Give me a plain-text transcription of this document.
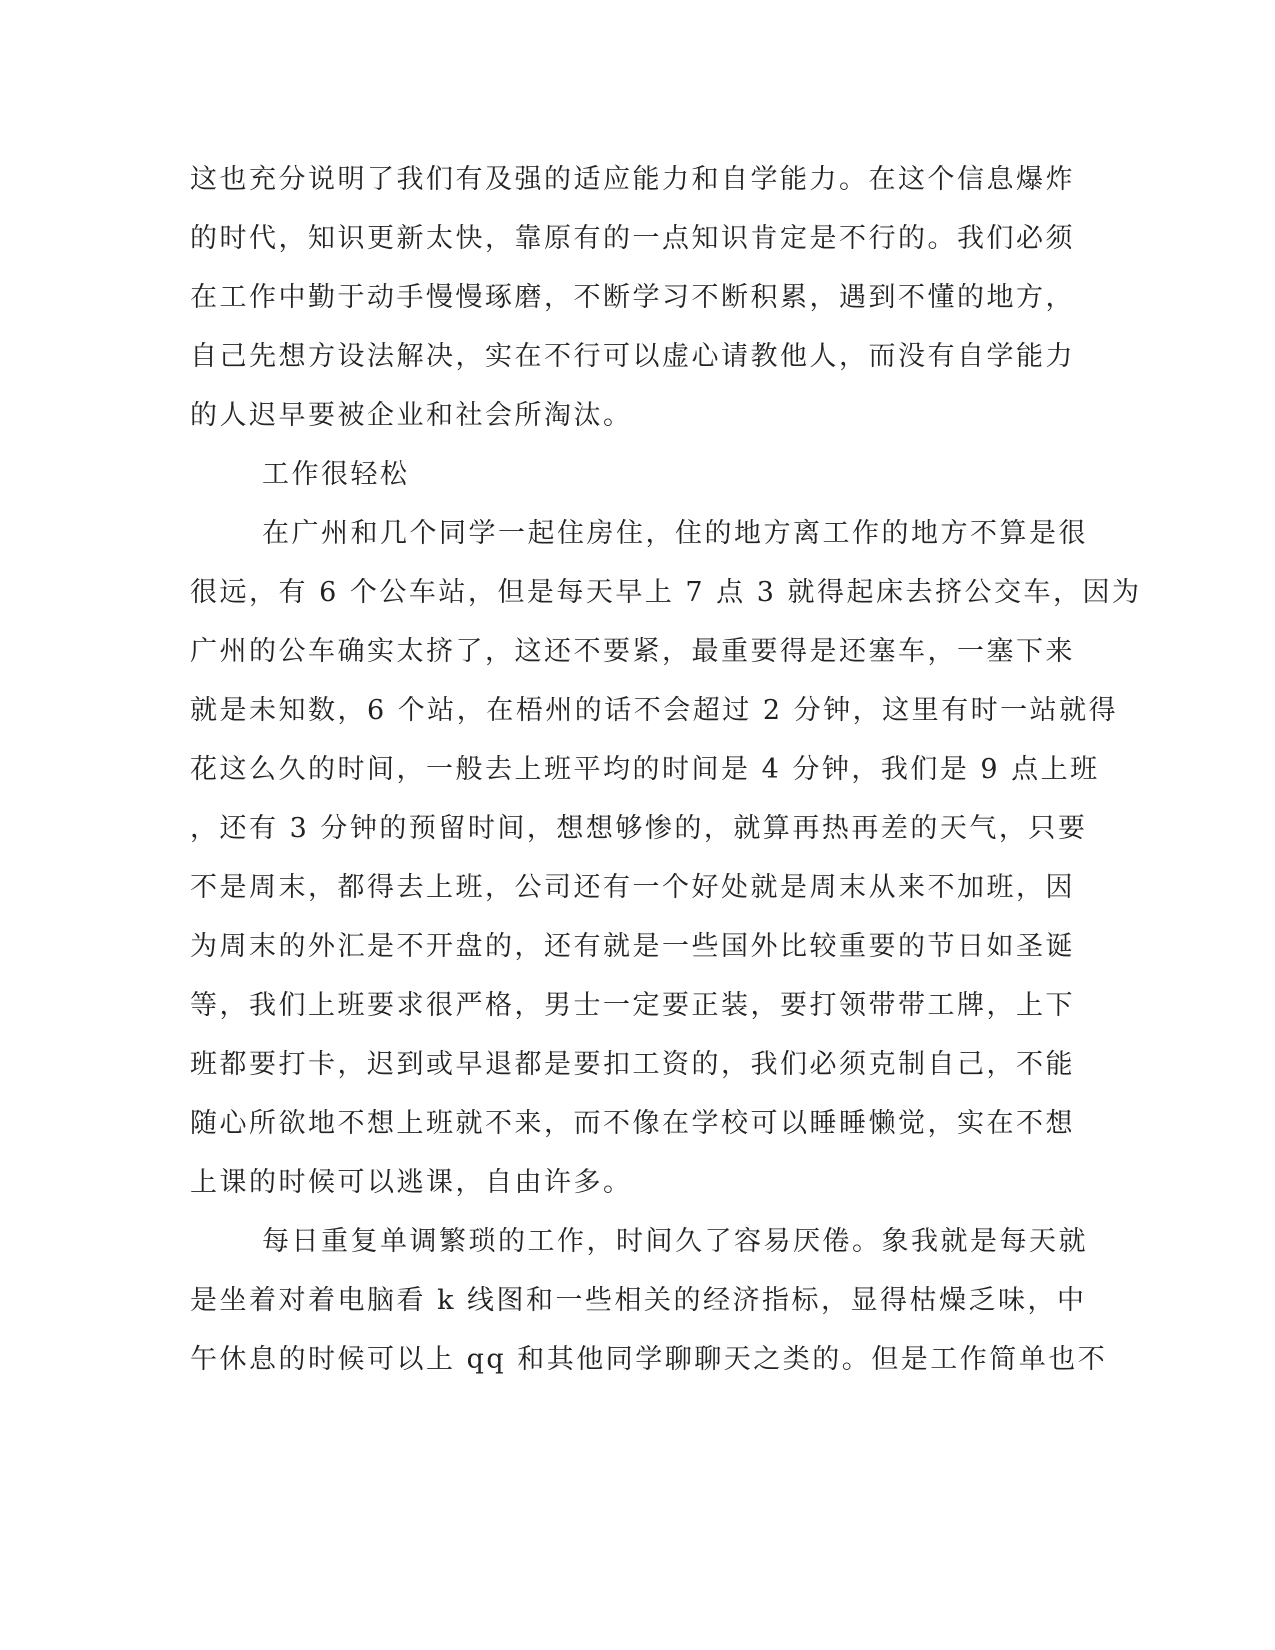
这也充分说明了我们有及强的适应能力和自学能力。在这个信息爆炸
的时代，知识更新太快，靠原有的一点知识肯定是不行的。我们必须
在工作中勤于动手慢慢琢磨，不断学习不断积累，遇到不懂的地方，
自己先想方设法解决，实在不行可以虚心请教他人，而没有自学能力
的人迟早要被企业和社会所淘汰。
工作很轻松
在广州和几个同学一起住房住，住的地方离工作的地方不算是很
很远，有 6 个公车站，但是每天早上 7 点 3 就得起床去挤公交车，因为
广州的公车确实太挤了，这还不要紧，最重要得是还塞车，一塞下来
就是未知数，6 个站，在梧州的话不会超过 2 分钟，这里有时一站就得
花这么久的时间，一般去上班平均的时间是 4 分钟，我们是 9 点上班
，还有 3 分钟的预留时间，想想够惨的，就算再热再差的天气，只要
不是周末，都得去上班，公司还有一个好处就是周末从来不加班，因
为周末的外汇是不开盘的，还有就是一些国外比较重要的节日如圣诞
等，我们上班要求很严格，男士一定要正装，要打领带带工牌，上下
班都要打卡，迟到或早退都是要扣工资的，我们必须克制自己，不能
随心所欲地不想上班就不来，而不像在学校可以睡睡懒觉，实在不想
上课的时候可以逃课，自由许多。
每日重复单调繁琐的工作，时间久了容易厌倦。象我就是每天就
是坐着对着电脑看 k 线图和一些相关的经济指标，显得枯燥乏味，中
午休息的时候可以上 qq 和其他同学聊聊天之类的。但是工作简单也不
